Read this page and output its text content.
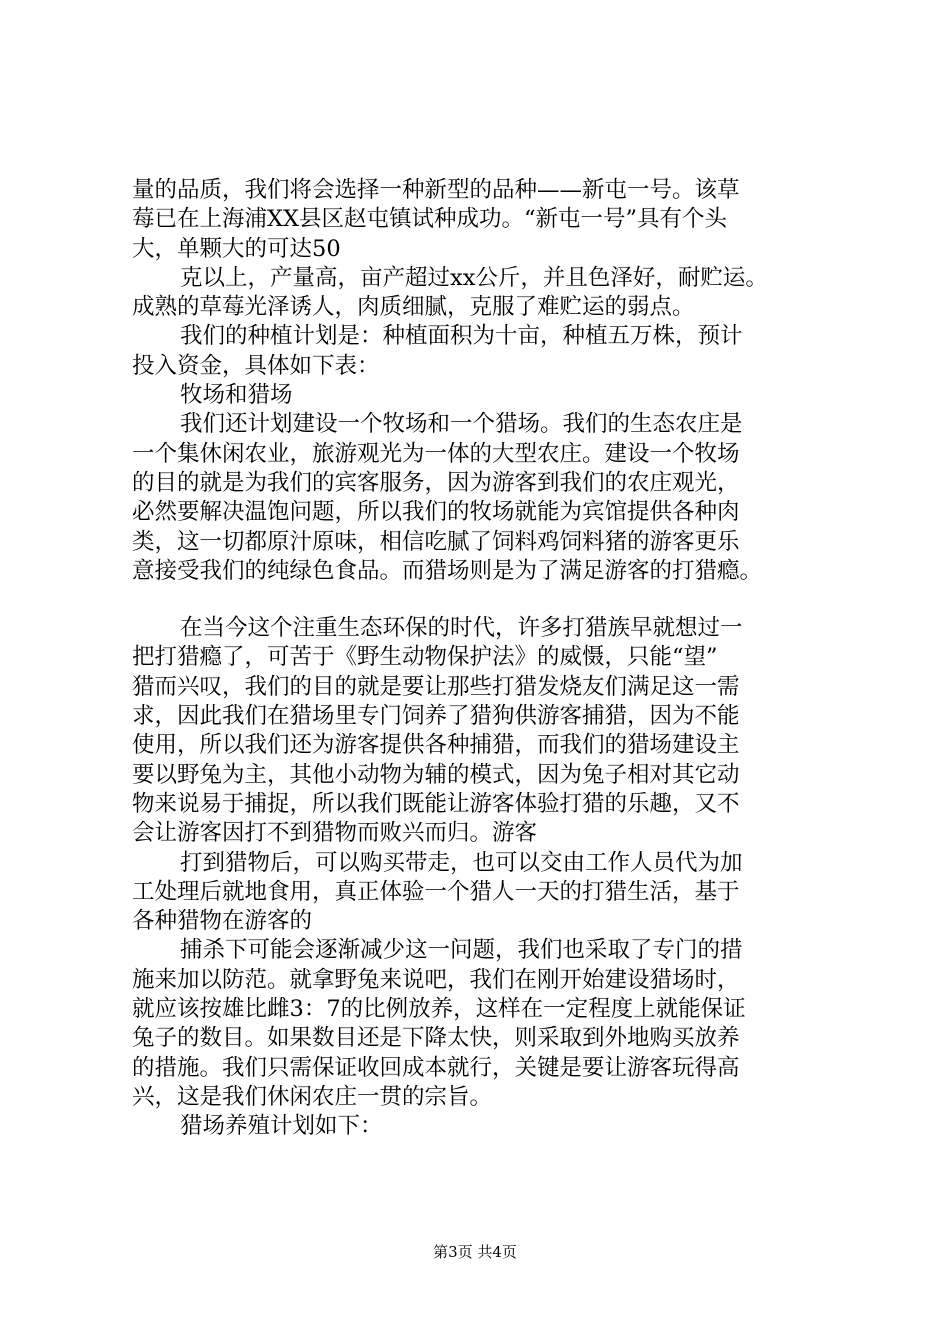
量的品质，我们将会选择一种新型的品种——新屯一号。该草
莓已在上海浦XX县区赵屯镇试种成功。“新屯一号”具有个头
大，单颗大的可达50
克以上，产量高，亩产超过xx公斤，并且色泽好，耐贮运。
成熟的草莓光泽诱人，肉质细腻，克服了难贮运的弱点。
我们的种植计划是：种植面积为十亩，种植五万株，预计
投入资金，具体如下表：
牧场和猎场
我们还计划建设一个牧场和一个猎场。我们的生态农庄是
一个集休闲农业，旅游观光为一体的大型农庄。建设一个牧场
的目的就是为我们的宾客服务，因为游客到我们的农庄观光，
必然要解决温饱问题，所以我们的牧场就能为宾馆提供各种肉
类，这一切都原汁原味，相信吃腻了饲料鸡饲料猪的游客更乐
意接受我们的纯绿色食品。而猎场则是为了满足游客的打猎瘾。
在当今这个注重生态环保的时代，许多打猎族早就想过一
把打猎瘾了，可苦于《野生动物保护法》的威慑，只能“望”
猎而兴叹，我们的目的就是要让那些打猎发烧友们满足这一需
求，因此我们在猎场里专门饲养了猎狗供游客捕猎，因为不能
使用，所以我们还为游客提供各种捕猎，而我们的猎场建设主
要以野兔为主，其他小动物为辅的模式，因为兔子相对其它动
物来说易于捕捉，所以我们既能让游客体验打猎的乐趣，又不
会让游客因打不到猎物而败兴而归。游客
打到猎物后，可以购买带走，也可以交由工作人员代为加
工处理后就地食用，真正体验一个猎人一天的打猎生活，基于
各种猎物在游客的
捕杀下可能会逐渐减少这一问题，我们也采取了专门的措
施来加以防范。就拿野兔来说吧，我们在刚开始建设猎场时，
就应该按雄比雌3：7的比例放养，这样在一定程度上就能保证
兔子的数目。如果数目还是下降太快，则采取到外地购买放养
的措施。我们只需保证收回成本就行，关键是要让游客玩得高
兴，这是我们休闲农庄一贯的宗旨。
猎场养殖计划如下：
第3页 共4页
